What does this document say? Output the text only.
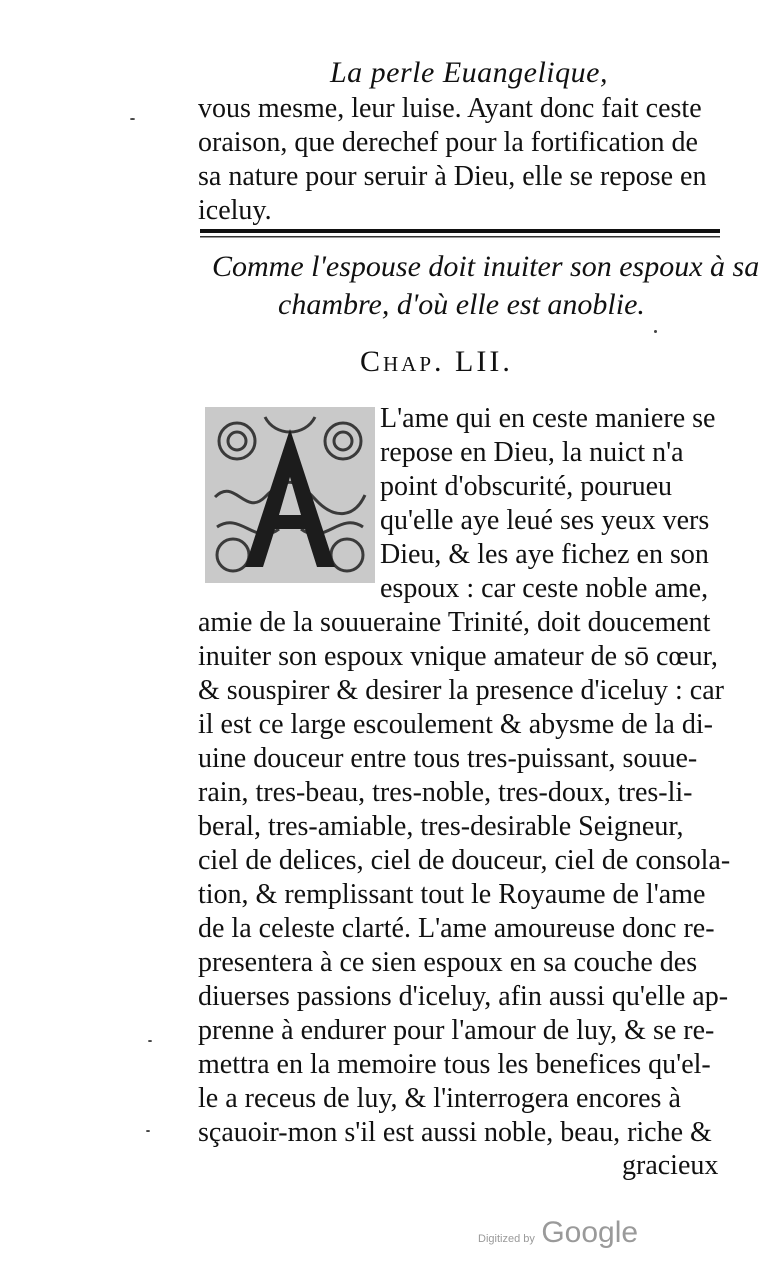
La perle Euangelique,
vous mesme, leur luise. Ayant donc fait ceste
oraison, que derechef pour la fortification de
sa nature pour seruir à Dieu, elle se repose en
iceluy.
Comme l'espouse doit inuiter son espoux à sa
chambre, d'où elle est anoblie.
Chap. LII.
L'ame qui en ceste maniere se
repose en Dieu, la nuict n'a
point d'obscurité, pourueu
qu'elle aye leué ses yeux vers
Dieu, & les aye fichez en son
espoux : car ceste noble ame,
amie de la souueraine Trinité, doit doucement
inuiter son espoux vnique amateur de sō cœur,
& souspirer & desirer la presence d'iceluy : car
il est ce large escoulement & abysme de la di-
uine douceur entre tous tres-puissant, souue-
rain, tres-beau, tres-noble, tres-doux, tres-li-
beral, tres-amiable, tres-desirable Seigneur,
ciel de delices, ciel de douceur, ciel de consola-
tion, & remplissant tout le Royaume de l'ame
de la celeste clarté. L'ame amoureuse donc re-
presentera à ce sien espoux en sa couche des
diuerses passions d'iceluy, afin aussi qu'elle ap-
prenne à endurer pour l'amour de luy, & se re-
mettra en la memoire tous les benefices qu'el-
le a receus de luy, & l'interrogera encores à
sçauoir-mon s'il est aussi noble, beau, riche &
gracieux
Digitized by Google
